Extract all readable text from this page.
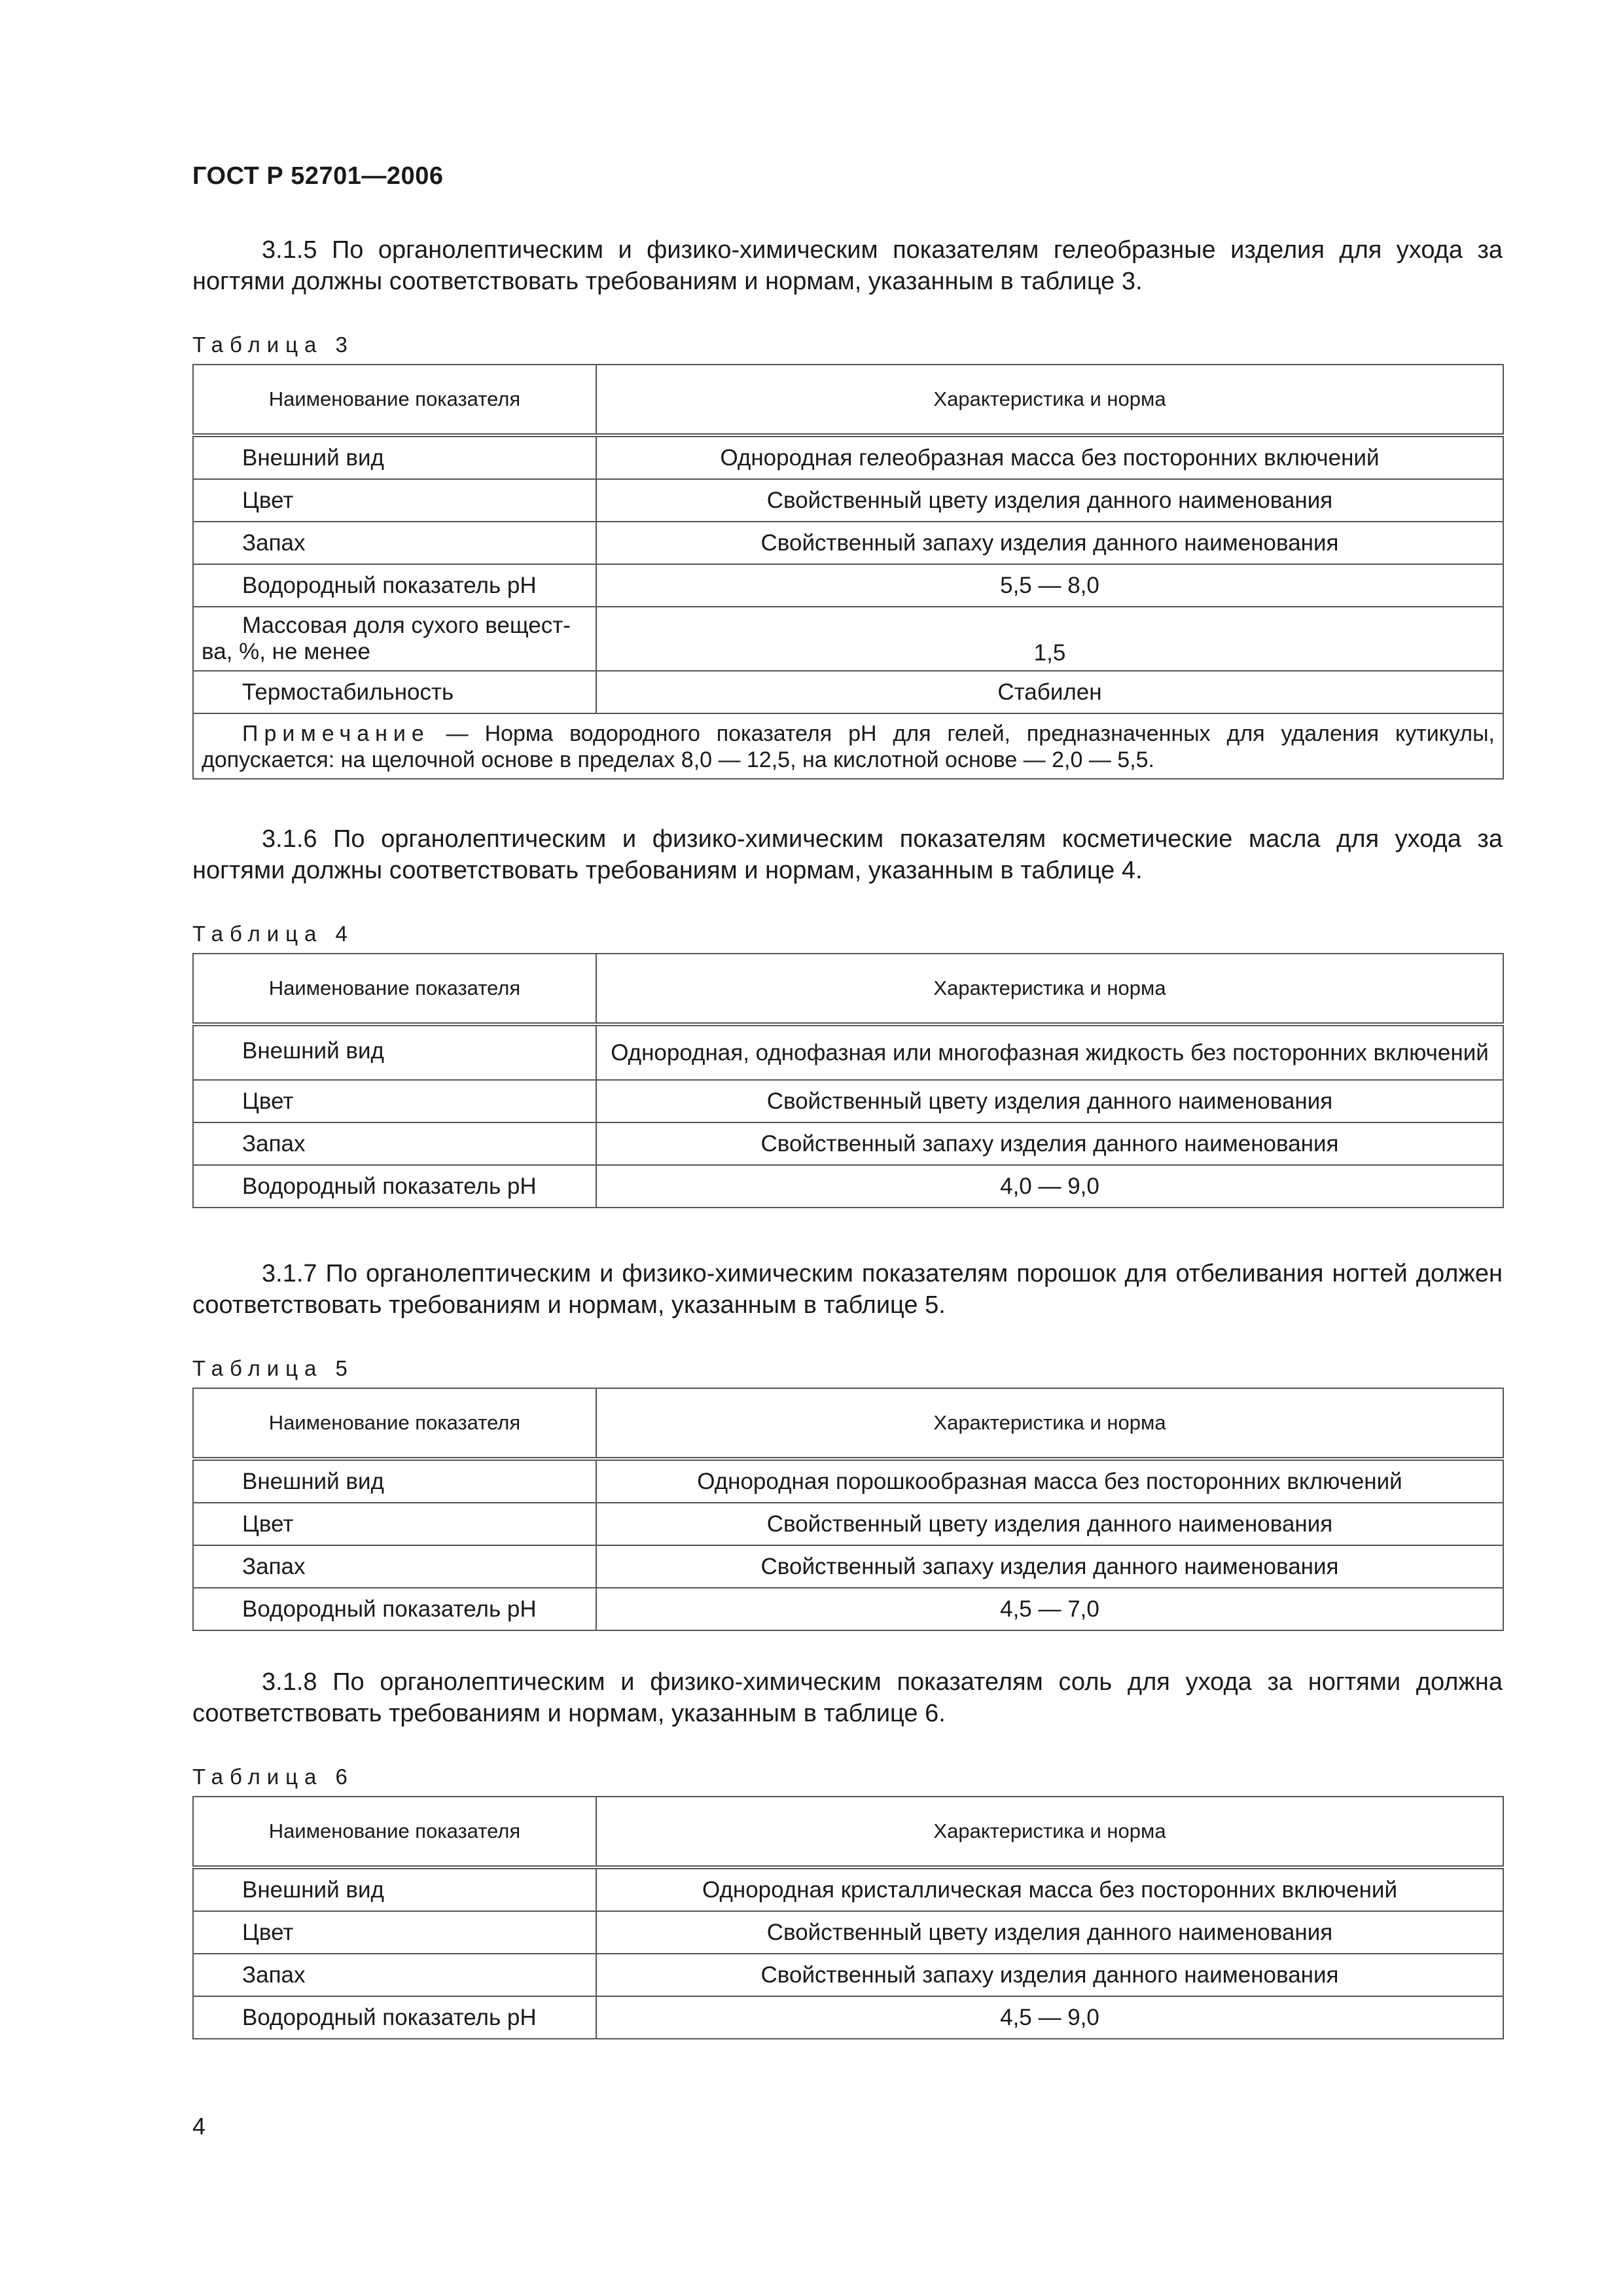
ГОСТ Р 52701—2006

3.1.5 По органолептическим и физико-химическим показателям гелеобразные изделия для ухода за ногтями должны соответствовать требованиям и нормам, указанным в таблице 3.

Таблица 3
Наименование показателя	Характеристика и норма
Внешний вид	Однородная гелеобразная масса без посторонних включений
Цвет	Свойственный цвету изделия данного наименования
Запах	Свойственный запаху изделия данного наименования
Водородный показатель рН	5,5 — 8,0
Массовая доля сухого вещест-ва, %, не менее	1,5
Термостабильность	Стабилен
Примечание — Норма водородного показателя рН для гелей, предназначенных для удаления кутикулы, допускается: на щелочной основе в пределах 8,0 — 12,5, на кислотной основе — 2,0 — 5,5.	

3.1.6 По органолептическим и физико-химическим показателям косметические масла для ухода за ногтями должны соответствовать требованиям и нормам, указанным в таблице 4.

Таблица 4
Наименование показателя	Характеристика и норма
Внешний вид	Однородная, однофазная или многофазная жидкость без посторонних включений
Цвет	Свойственный цвету изделия данного наименования
Запах	Свойственный запаху изделия данного наименования
Водородный показатель рН	4,0 — 9,0

3.1.7 По органолептическим и физико-химическим показателям порошок для отбеливания ногтей должен соответствовать требованиям и нормам, указанным в таблице 5.

Таблица 5
Наименование показателя	Характеристика и норма
Внешний вид	Однородная порошкообразная масса без посторонних включений
Цвет	Свойственный цвету изделия данного наименования
Запах	Свойственный запаху изделия данного наименования
Водородный показатель рН	4,5 — 7,0

3.1.8 По органолептическим и физико-химическим показателям соль для ухода за ногтями должна соответствовать требованиям и нормам, указанным в таблице 6.

Таблица 6
Наименование показателя	Характеристика и норма
Внешний вид	Однородная кристаллическая масса без посторонних включений
Цвет	Свойственный цвету изделия данного наименования
Запах	Свойственный запаху изделия данного наименования
Водородный показатель рН	4,5 — 9,0
4
